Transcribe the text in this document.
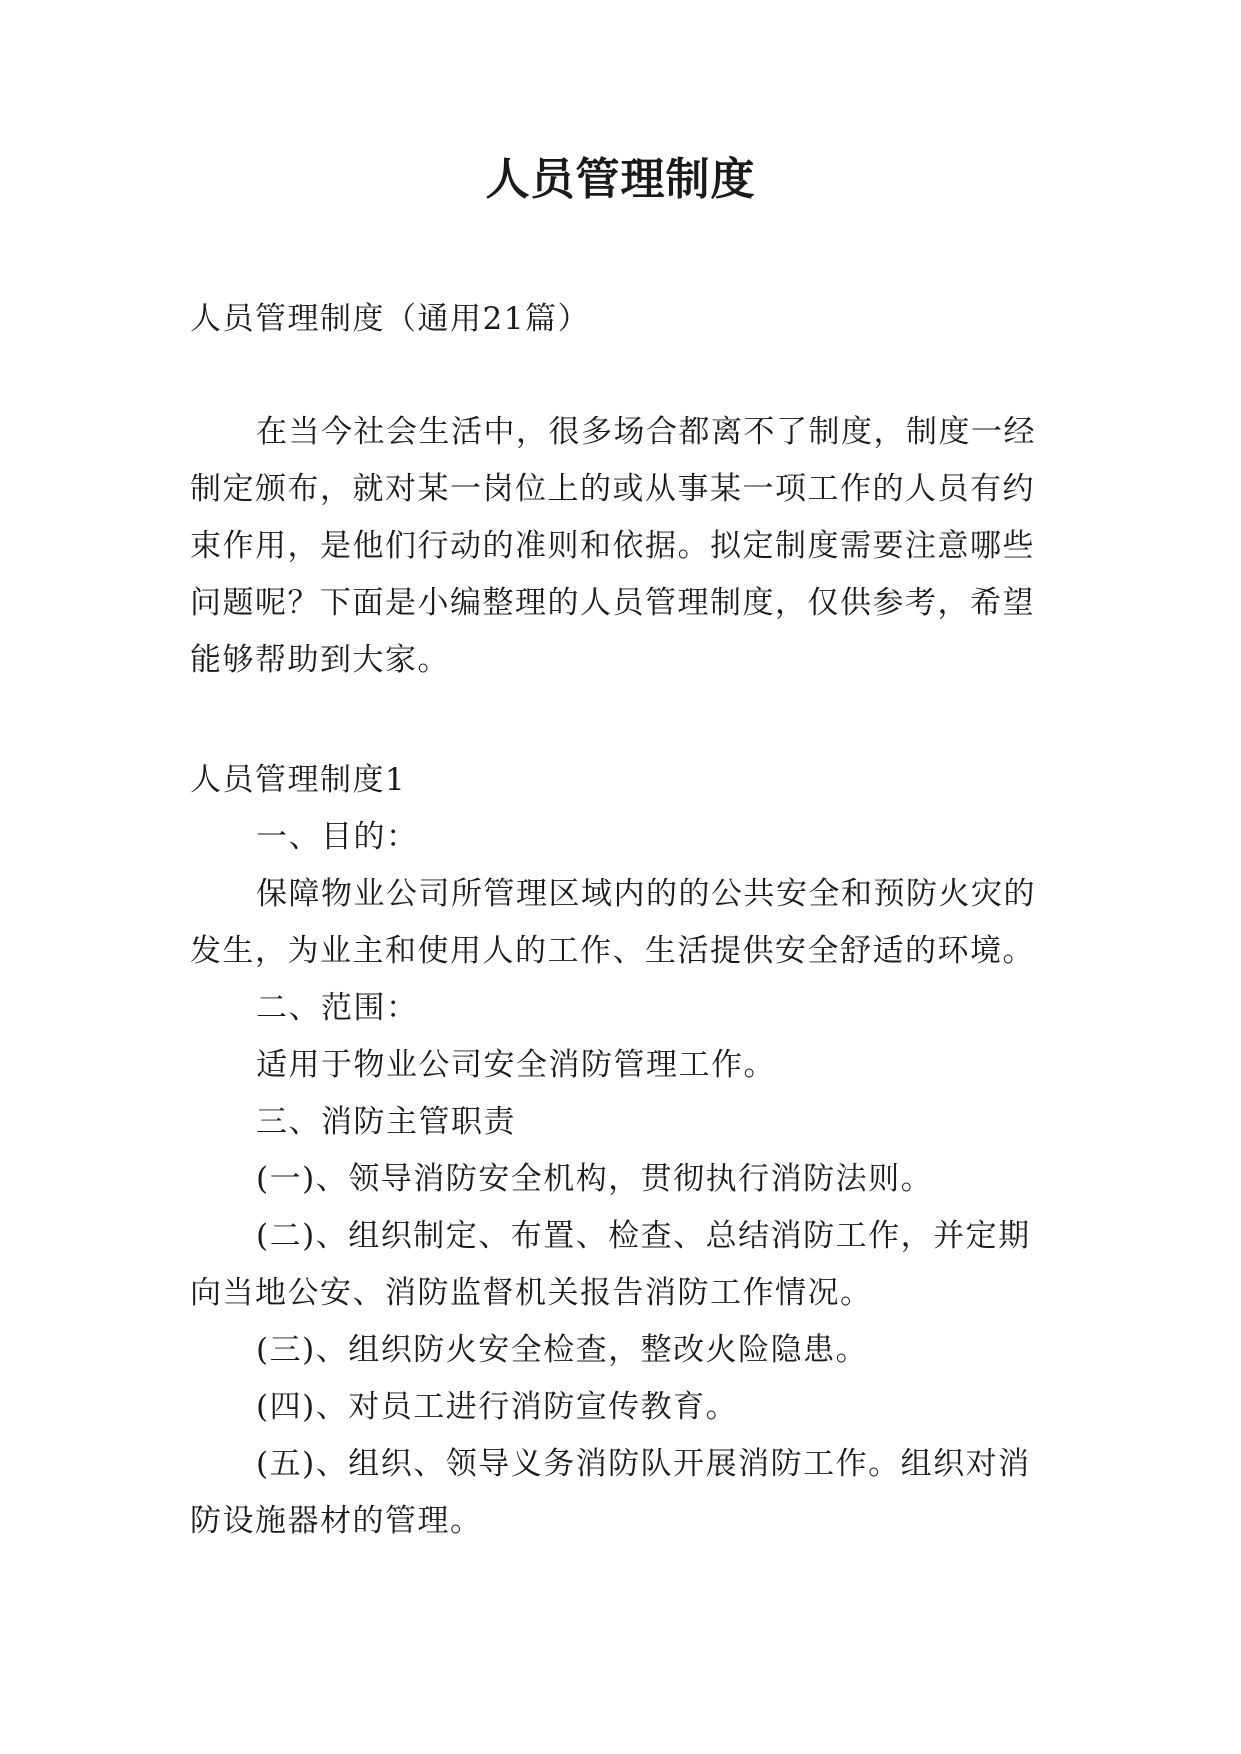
人员管理制度
人员管理制度（通用21篇）
在当今社会生活中，很多场合都离不了制度，制度一经制定颁布，就对某一岗位上的或从事某一项工作的人员有约束作用，是他们行动的准则和依据。拟定制度需要注意哪些问题呢？下面是小编整理的人员管理制度，仅供参考，希望能够帮助到大家。

人员管理制度1

一、目的：

保障物业公司所管理区域内的的公共安全和预防火灾的发生，为业主和使用人的工作、生活提供安全舒适的环境。

二、范围：

适用于物业公司安全消防管理工作。

三、消防主管职责

(一)、领导消防安全机构，贯彻执行消防法则。

(二)、组织制定、布置、检查、总结消防工作，并定期向当地公安、消防监督机关报告消防工作情况。

(三)、组织防火安全检查，整改火险隐患。

(四)、对员工进行消防宣传教育。

(五)、组织、领导义务消防队开展消防工作。组织对消防设施器材的管理。
